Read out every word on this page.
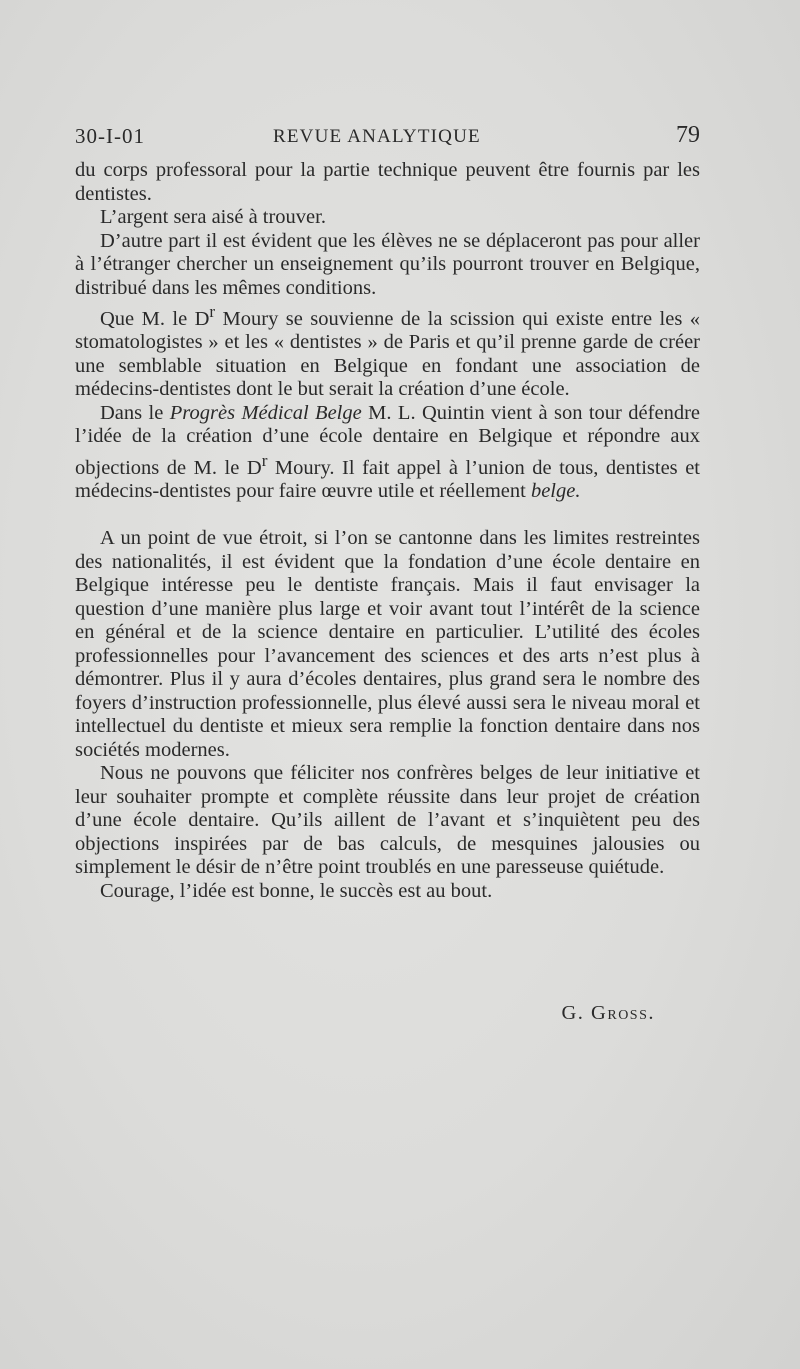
30-I-01	REVUE ANALYTIQUE	79

du corps professoral pour la partie technique peuvent être fournis par les dentistes.

L’argent sera aisé à trouver.

D’autre part il est évident que les élèves ne se déplaceront pas pour aller à l’étranger chercher un enseignement qu’ils pourront trouver en Belgique, distribué dans les mêmes conditions.

Que M. le $D^r$ Moury se souvienne de la scission qui existe entre les « stomatologistes » et les « dentistes » de Paris et qu’il prenne garde de créer une semblable situation en Belgique en fondant une association de médecins-dentistes dont le but serait la création d’une école.

Dans le Progrès Médical Belge M. L. Quintin vient à son tour défendre l’idée de la création d’une école dentaire en Belgique et répondre aux objections de M. le $D^r$ Moury. Il fait appel à l’union de tous, dentistes et médecins-dentistes pour faire œuvre utile et réellement belge.

A un point de vue étroit, si l’on se cantonne dans les limites restreintes des nationalités, il est évident que la fondation d’une école dentaire en Belgique intéresse peu le dentiste français. Mais il faut envisager la question d’une manière plus large et voir avant tout l’intérêt de la science en général et de la science dentaire en particulier. L’utilité des écoles professionnelles pour l’avancement des sciences et des arts n’est plus à démontrer. Plus il y aura d’écoles dentaires, plus grand sera le nombre des foyers d’instruction professionnelle, plus élevé aussi sera le niveau moral et intellectuel du dentiste et mieux sera remplie la fonction dentaire dans nos sociétés modernes.

Nous ne pouvons que féliciter nos confrères belges de leur initiative et leur souhaiter prompte et complète réussite dans leur projet de création d’une école dentaire. Qu’ils aillent de l’avant et s’inquiètent peu des objections inspirées par de bas calculs, de mesquines jalousies ou simplement le désir de n’être point troublés en une paresseuse quiétude.

Courage, l’idée est bonne, le succès est au bout.

G. Gross.
